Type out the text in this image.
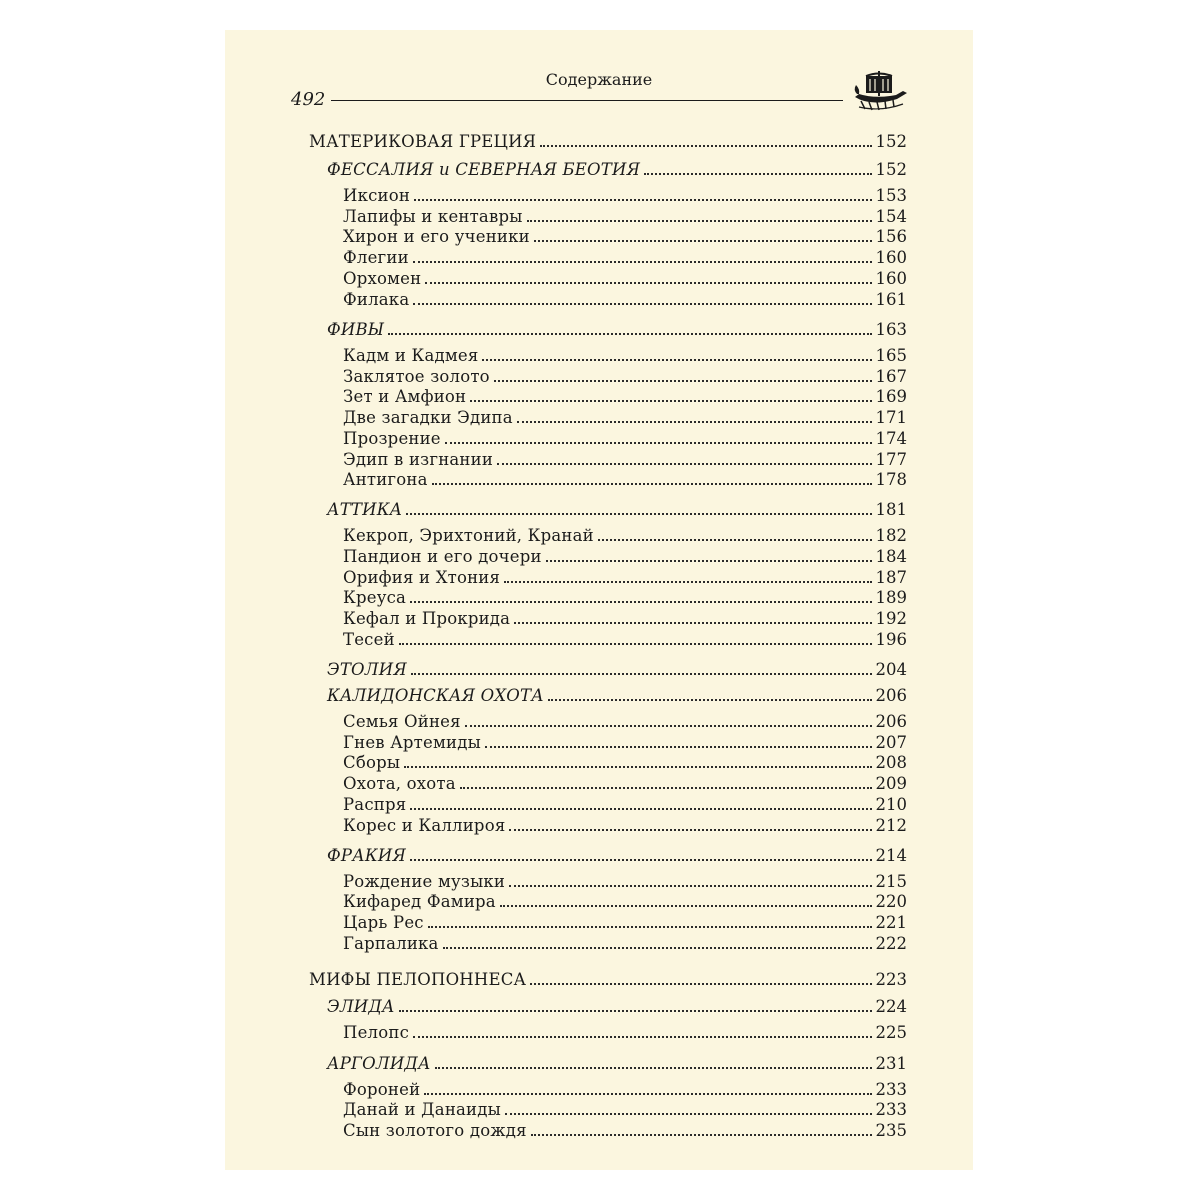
Содержание
492
МАТЕРИКОВАЯ ГРЕЦИЯ	152
ФЕССАЛИЯ и СЕВЕРНАЯ БЕОТИЯ	152
Иксион	153
Лапифы и кентавры	154
Хирон и его ученики	156
Флегии	160
Орхомен	160
Филака	161
ФИВЫ	163
Кадм и Кадмея	165
Заклятое золото	167
Зет и Амфион	169
Две загадки Эдипа	171
Прозрение	174
Эдип в изгнании	177
Антигона	178
АТТИКА	181
Кекроп, Эрихтоний, Кранай	182
Пандион и его дочери	184
Орифия и Хтония	187
Креуса	189
Кефал и Прокрида	192
Тесей	196
ЭТОЛИЯ	204
КАЛИДОНСКАЯ ОХОТА	206
Семья Ойнея	206
Гнев Артемиды	207
Сборы	208
Охота, охота	209
Распря	210
Корес и Каллироя	212
ФРАКИЯ	214
Рождение музыки	215
Кифаред Фамира	220
Царь Рес	221
Гарпалика	222
МИФЫ ПЕЛОПОННЕСА	223
ЭЛИДА	224
Пелопс	225
АРГОЛИДА	231
Фороней	233
Данай и Данаиды	233
Сын золотого дождя	235
